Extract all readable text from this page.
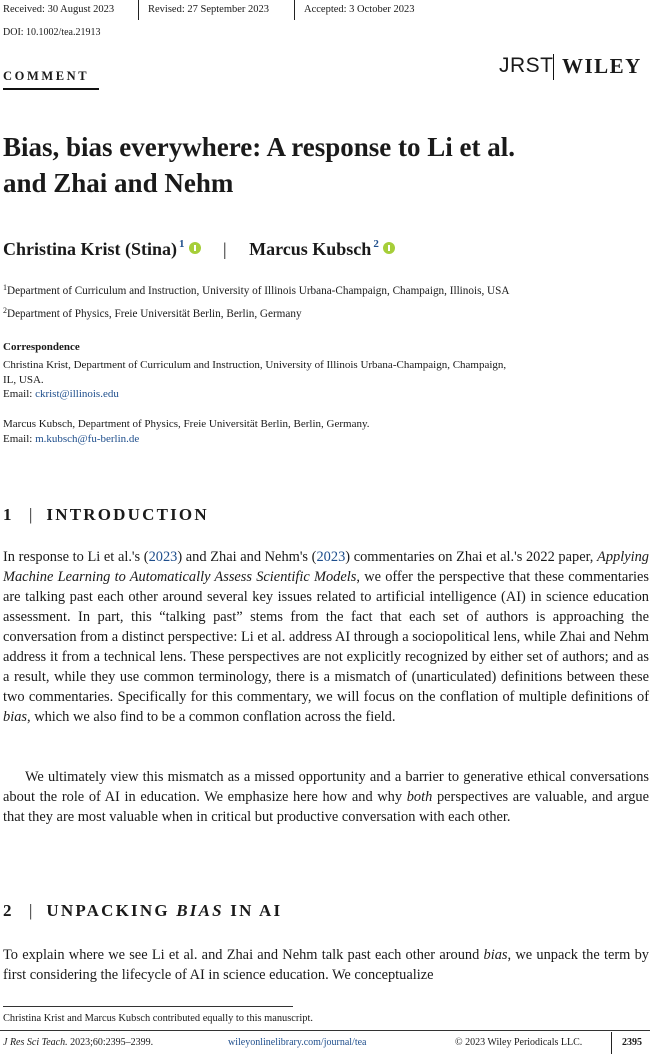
Received: 30 August 2023	Revised: 27 September 2023	Accepted: 3 October 2023
DOI: 10.1002/tea.21913
COMMENT	JRST WILEY
Bias, bias everywhere: A response to Li et al.
and Zhai and Nehm
Christina Krist (Stina) $^1$ | Marcus Kubsch $^2$
$^1$Department of Curriculum and Instruction, University of Illinois Urbana-Champaign, Champaign, Illinois, USA
$^2$Department of Physics, Freie Universität Berlin, Berlin, Germany
Correspondence
Christina Krist, Department of Curriculum and Instruction, University of Illinois Urbana-Champaign, Champaign,
IL, USA.
Email: ckrist@illinois.edu
Marcus Kubsch, Department of Physics, Freie Universität Berlin, Berlin, Germany.
Email: m.kubsch@fu-berlin.de
1 | INTRODUCTION
In response to Li et al.'s (2023) and Zhai and Nehm's (2023) commentaries on Zhai et al.'s 2022 paper, Applying Machine Learning to Automatically Assess Scientific Models, we offer the perspective that these commentaries are talking past each other around several key issues related to artificial intelligence (AI) in science education assessment. In part, this “talking past” stems from the fact that each set of authors is approaching the conversation from a distinct perspective: Li et al. address AI through a sociopolitical lens, while Zhai and Nehm address it from a technical lens. These perspectives are not explicitly recognized by either set of authors; and as a result, while they use common terminology, there is a mismatch of (unarticulated) definitions between these two commentaries. Specifically for this commentary, we will focus on the conflation of multiple definitions of bias, which we also find to be a common conflation across the field.
We ultimately view this mismatch as a missed opportunity and a barrier to generative ethical conversations about the role of AI in education. We emphasize here how and why both perspectives are valuable, and argue that they are most valuable when in critical but productive conversation with each other.
2 | UNPACKING BIAS IN AI
To explain where we see Li et al. and Zhai and Nehm talk past each other around bias, we unpack the term by first considering the lifecycle of AI in science education. We conceptualize
Christina Krist and Marcus Kubsch contributed equally to this manuscript.
J Res Sci Teach. 2023;60:2395–2399.	wileyonlinelibrary.com/journal/tea	© 2023 Wiley Periodicals LLC.	2395
